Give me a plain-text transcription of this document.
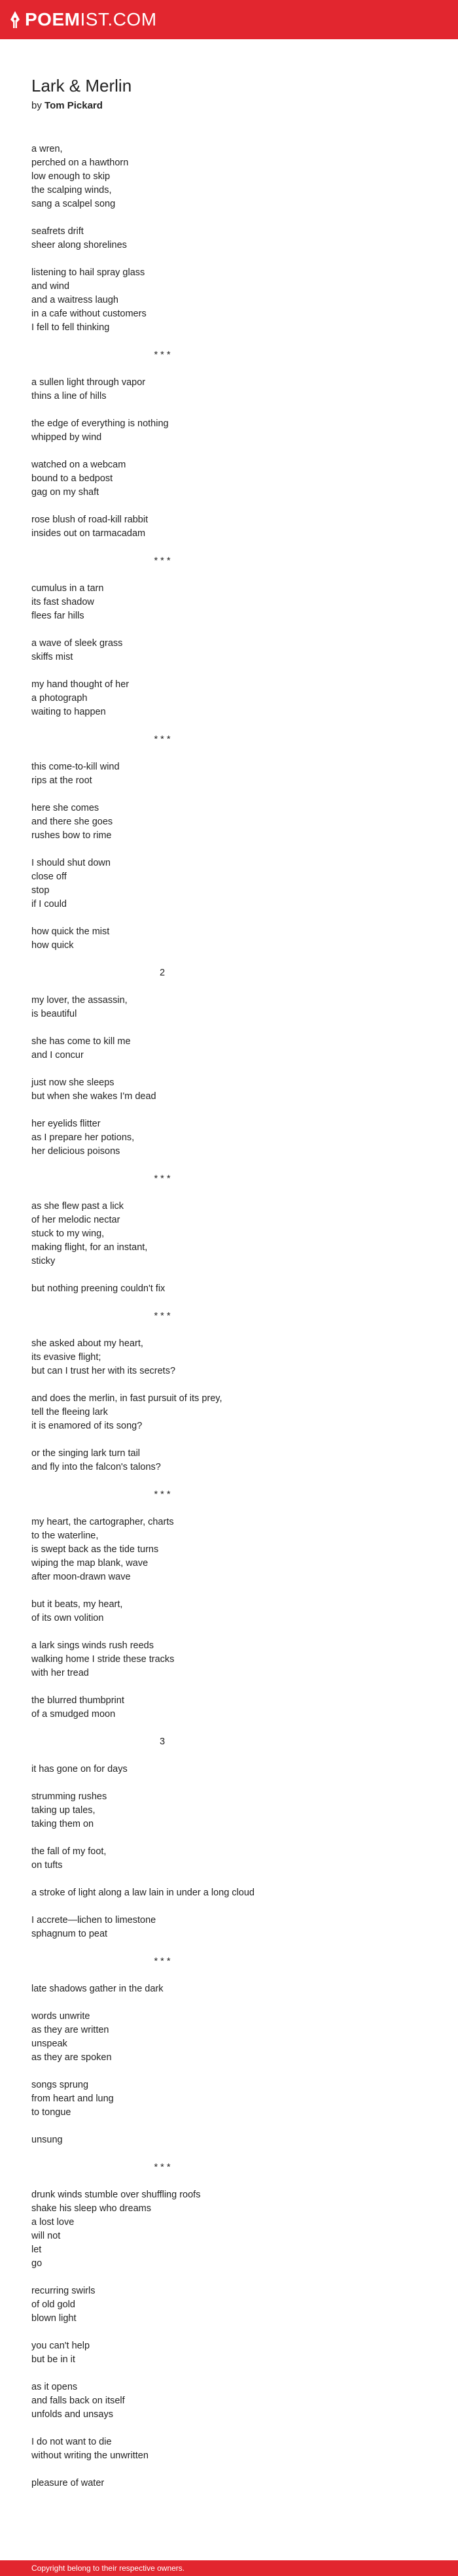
POEMIST.COM
Lark & Merlin
by Tom Pickard
a wren,
perched on a hawthorn
low enough to skip
the scalping winds,
sang a scalpel song
seafrets drift
sheer along shorelines
listening to hail spray glass
and wind
and a waitress laugh
in a cafe without customers
I fell to fell thinking
* * *
a sullen light through vapor
thins a line of hills
the edge of everything is nothing
whipped by wind
watched on a webcam
bound to a bedpost
gag on my shaft
rose blush of road-kill rabbit
insides out on tarmacadam
* * *
cumulus in a tarn
its fast shadow
flees far hills
a wave of sleek grass
skiffs mist
my hand thought of her
a photograph
waiting to happen
* * *
this come-to-kill wind
rips at the root
here she comes
and there she goes
rushes bow to rime
I should shut down
close off
stop
if I could
how quick the mist
how quick
2
my lover, the assassin,
is beautiful
she has come to kill me
and I concur
just now she sleeps
but when she wakes I'm dead
her eyelids flitter
as I prepare her potions,
her delicious poisons
* * *
as she flew past a lick
of her melodic nectar
stuck to my wing,
making flight, for an instant,
sticky
but nothing preening couldn't fix
* * *
she asked about my heart,
its evasive flight;
but can I trust her with its secrets?
and does the merlin, in fast pursuit of its prey,
tell the fleeing lark
it is enamored of its song?
or the singing lark turn tail
and fly into the falcon's talons?
* * *
my heart, the cartographer, charts
to the waterline,
is swept back as the tide turns
wiping the map blank, wave
after moon-drawn wave
but it beats, my heart,
of its own volition
a lark sings winds rush reeds
walking home I stride these tracks
with her tread
the blurred thumbprint
of a smudged moon
3
it has gone on for days
strumming rushes
taking up tales,
taking them on
the fall of my foot,
on tufts
a stroke of light along a law lain in under a long cloud
I accrete—lichen to limestone
sphagnum to peat
* * *
late shadows gather in the dark
words unwrite
as they are written
unspeak
as they are spoken
songs sprung
from heart and lung
to tongue
unsung
* * *
drunk winds stumble over shuffling roofs
shake his sleep who dreams
a lost love
will not
let
go
recurring swirls
of old gold
blown light
you can't help
but be in it
as it opens
and falls back on itself
unfolds and unsays
I do not want to die
without writing the unwritten
pleasure of water
Copyright belong to their respective owners.
